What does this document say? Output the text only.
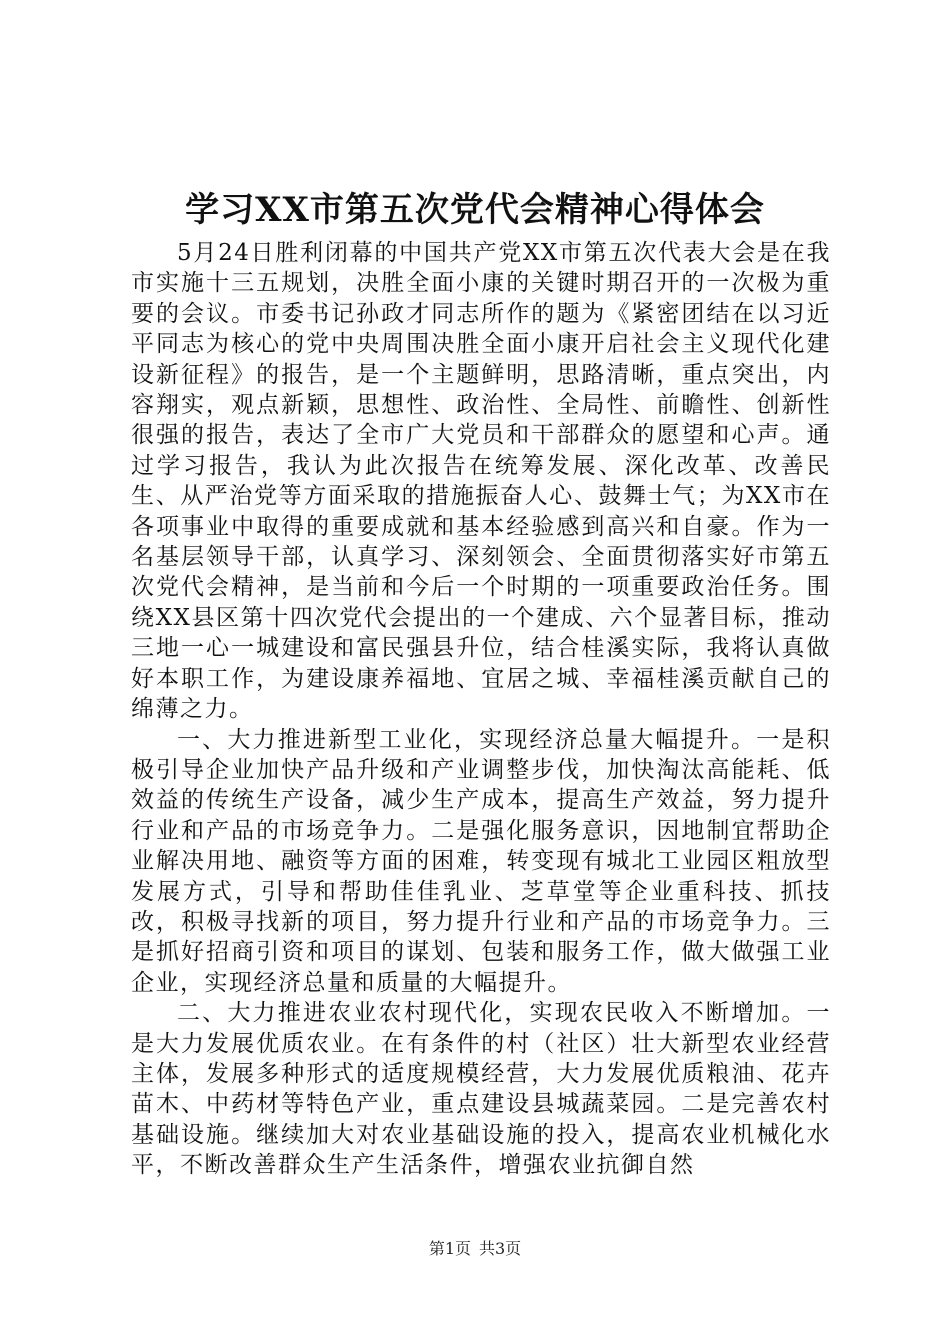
学习XX市第五次党代会精神心得体会

5月24日胜利闭幕的中国共产党XX市第五次代表大会是在我市实施十三五规划，决胜全面小康的关键时期召开的一次极为重要的会议。市委书记孙政才同志所作的题为《紧密团结在以习近平同志为核心的党中央周围决胜全面小康开启社会主义现代化建设新征程》的报告，是一个主题鲜明，思路清晰，重点突出，内容翔实，观点新颖，思想性、政治性、全局性、前瞻性、创新性很强的报告，表达了全市广大党员和干部群众的愿望和心声。通过学习报告，我认为此次报告在统筹发展、深化改革、改善民生、从严治党等方面采取的措施振奋人心、鼓舞士气；为XX市在各项事业中取得的重要成就和基本经验感到高兴和自豪。作为一名基层领导干部，认真学习、深刻领会、全面贯彻落实好市第五次党代会精神，是当前和今后一个时期的一项重要政治任务。围绕XX县区第十四次党代会提出的一个建成、六个显著目标，推动三地一心一城建设和富民强县升位，结合桂溪实际，我将认真做好本职工作，为建设康养福地、宜居之城、幸福桂溪贡献自己的绵薄之力。

一、大力推进新型工业化，实现经济总量大幅提升。一是积极引导企业加快产品升级和产业调整步伐，加快淘汰高能耗、低效益的传统生产设备，减少生产成本，提高生产效益，努力提升行业和产品的市场竞争力。二是强化服务意识，因地制宜帮助企业解决用地、融资等方面的困难，转变现有城北工业园区粗放型发展方式，引导和帮助佳佳乳业、芝草堂等企业重科技、抓技改，积极寻找新的项目，努力提升行业和产品的市场竞争力。三是抓好招商引资和项目的谋划、包装和服务工作，做大做强工业企业，实现经济总量和质量的大幅提升。

二、大力推进农业农村现代化，实现农民收入不断增加。一是大力发展优质农业。在有条件的村（社区）壮大新型农业经营主体，发展多种形式的适度规模经营，大力发展优质粮油、花卉苗木、中药材等特色产业，重点建设县城蔬菜园。二是完善农村基础设施。继续加大对农业基础设施的投入，提高农业机械化水平，不断改善群众生产生活条件，增强农业抗御自然

第1页 共3页
